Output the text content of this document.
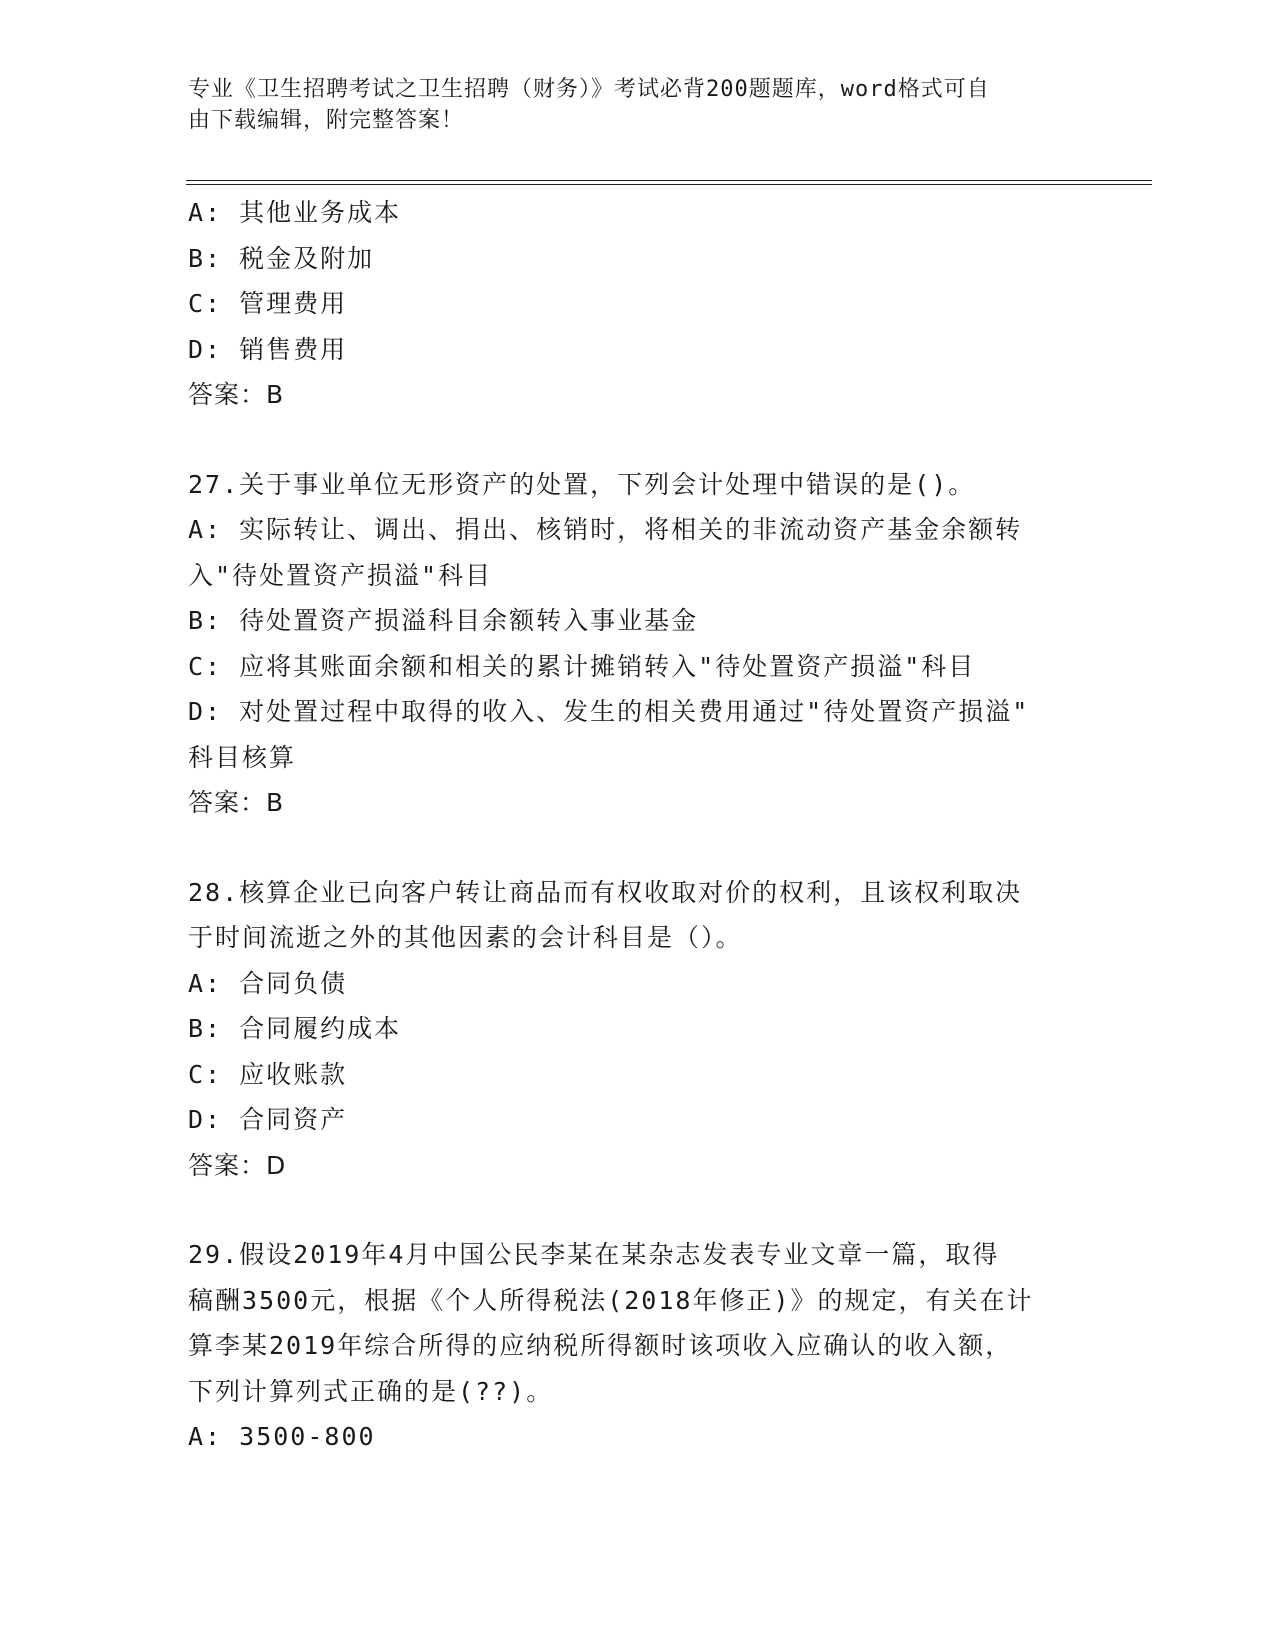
专业《卫生招聘考试之卫生招聘（财务）》考试必背200题题库，word格式可自
由下载编辑，附完整答案！
A: 其他业务成本
B: 税金及附加
C: 管理费用
D: 销售费用
答案：B
27.关于事业单位无形资产的处置，下列会计处理中错误的是()。
A: 实际转让、调出、捐出、核销时，将相关的非流动资产基金余额转
入"待处置资产损溢"科目
B: 待处置资产损溢科目余额转入事业基金
C: 应将其账面余额和相关的累计摊销转入"待处置资产损溢"科目
D: 对处置过程中取得的收入、发生的相关费用通过"待处置资产损溢"
科目核算
答案：B
28.核算企业已向客户转让商品而有权收取对价的权利，且该权利取决
于时间流逝之外的其他因素的会计科目是（）。
A: 合同负债
B: 合同履约成本
C: 应收账款
D: 合同资产
答案：D
29.假设2019年4月中国公民李某在某杂志发表专业文章一篇，取得
稿酬3500元，根据《个人所得税法(2018年修正)》的规定，有关在计
算李某2019年综合所得的应纳税所得额时该项收入应确认的收入额，
下列计算列式正确的是(??)。
A: 3500-800
